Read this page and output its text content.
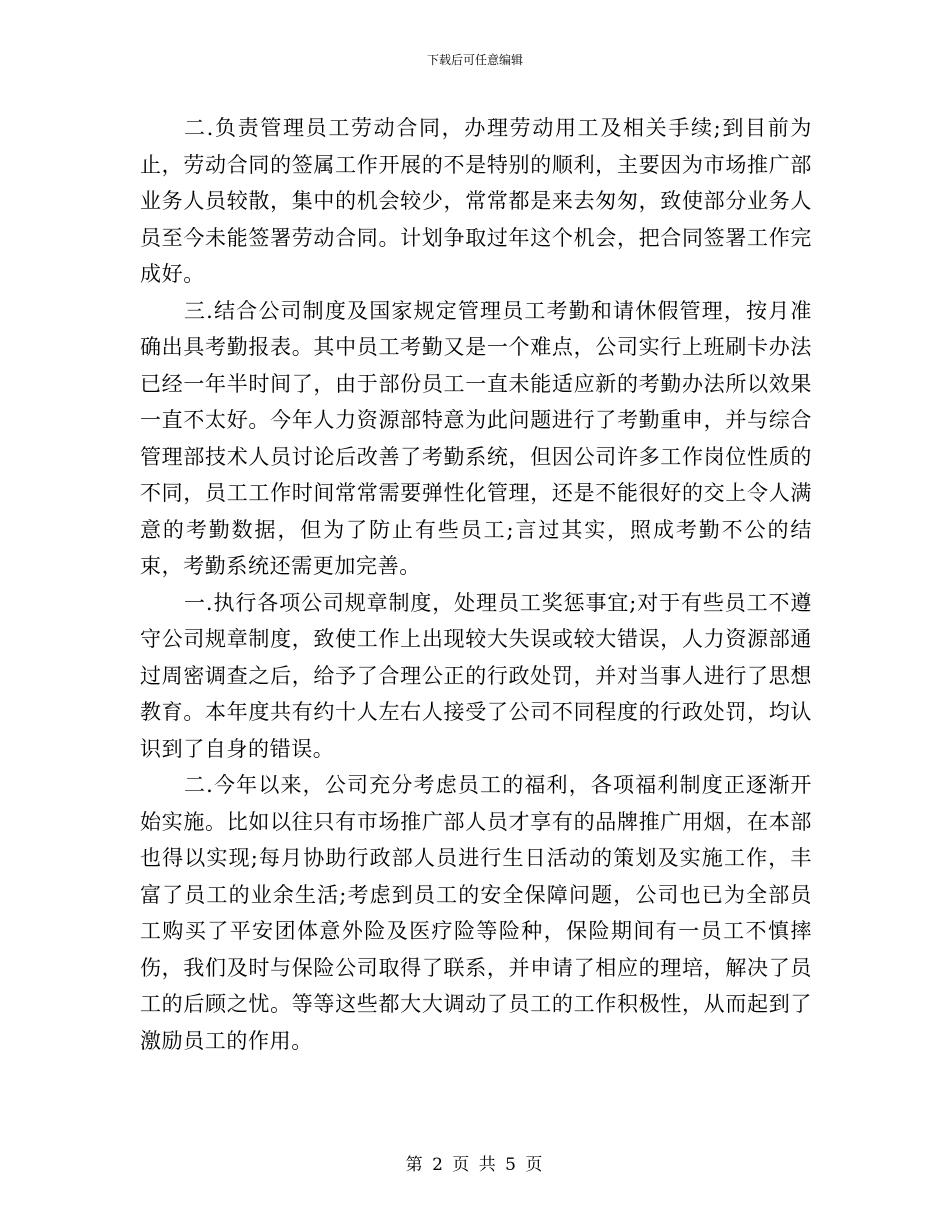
下载后可任意编辑

二.负责管理员工劳动合同，办理劳动用工及相关手续;到目前为止，劳动合同的签属工作开展的不是特别的顺利，主要因为市场推广部业务人员较散，集中的机会较少，常常都是来去匆匆，致使部分业务人员至今未能签署劳动合同。计划争取过年这个机会，把合同签署工作完成好。

三.结合公司制度及国家规定管理员工考勤和请休假管理，按月准确出具考勤报表。其中员工考勤又是一个难点，公司实行上班刷卡办法已经一年半时间了，由于部份员工一直未能适应新的考勤办法所以效果一直不太好。今年人力资源部特意为此问题进行了考勤重申，并与综合管理部技术人员讨论后改善了考勤系统，但因公司许多工作岗位性质的不同，员工工作时间常常需要弹性化管理，还是不能很好的交上令人满意的考勤数据，但为了防止有些员工;言过其实，照成考勤不公的结束，考勤系统还需更加完善。

一.执行各项公司规章制度，处理员工奖惩事宜;对于有些员工不遵守公司规章制度，致使工作上出现较大失误或较大错误，人力资源部通过周密调查之后，给予了合理公正的行政处罚，并对当事人进行了思想教育。本年度共有约十人左右人接受了公司不同程度的行政处罚，均认识到了自身的错误。

二.今年以来，公司充分考虑员工的福利，各项福利制度正逐渐开始实施。比如以往只有市场推广部人员才享有的品牌推广用烟，在本部也得以实现;每月协助行政部人员进行生日活动的策划及实施工作，丰富了员工的业余生活;考虑到员工的安全保障问题，公司也已为全部员工购买了平安团体意外险及医疗险等险种，保险期间有一员工不慎摔伤，我们及时与保险公司取得了联系，并申请了相应的理培，解决了员工的后顾之忧。等等这些都大大调动了员工的工作积极性，从而起到了激励员工的作用。

第 2 页 共 5 页
